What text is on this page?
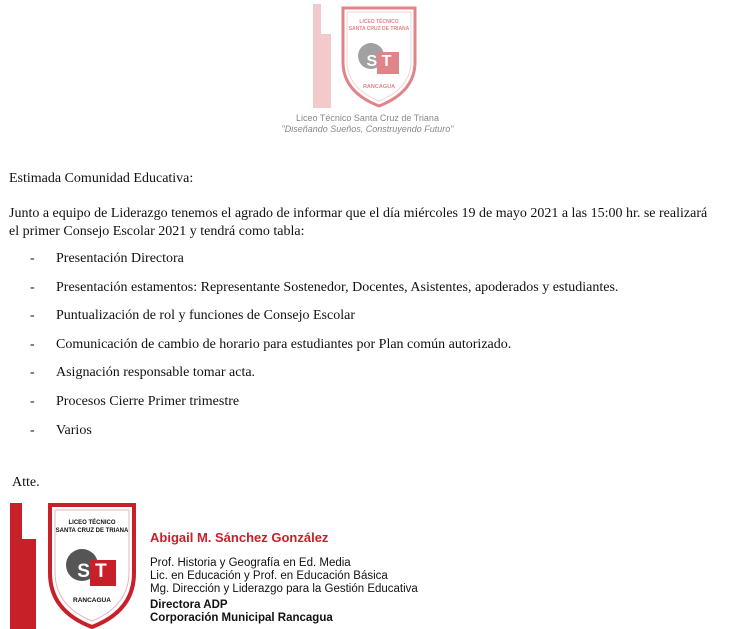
LICEO TÉCNICO
SANTA CRUZ DE TRIANA
S T
RANCAGUA
Liceo Técnico Santa Cruz de Triana
"Diseñando Sueños, Construyendo Futuro"
Estimada Comunidad Educativa:
Junto a equipo de Liderazgo tenemos el agrado de informar que el día miércoles 19 de mayo 2021 a las 15:00 hr. se realizará el primer Consejo Escolar 2021 y tendrá como tabla:
- Presentación Directora
- Presentación estamentos: Representante Sostenedor, Docentes, Asistentes, apoderados y estudiantes.
- Puntualización de rol y funciones de Consejo Escolar
- Comunicación de cambio de horario para estudiantes por Plan común autorizado.
- Asignación responsable tomar acta.
- Procesos Cierre Primer trimestre
- Varios
Atte.
LICEO TÉCNICO
SANTA CRUZ DE TRIANA
S T
RANCAGUA
Abigail M. Sánchez González
Prof. Historia y Geografía en Ed. Media
Lic. en Educación y Prof. en Educación Básica
Mg. Dirección y Liderazgo para la Gestión Educativa
Directora ADP
Corporación Municipal Rancagua
